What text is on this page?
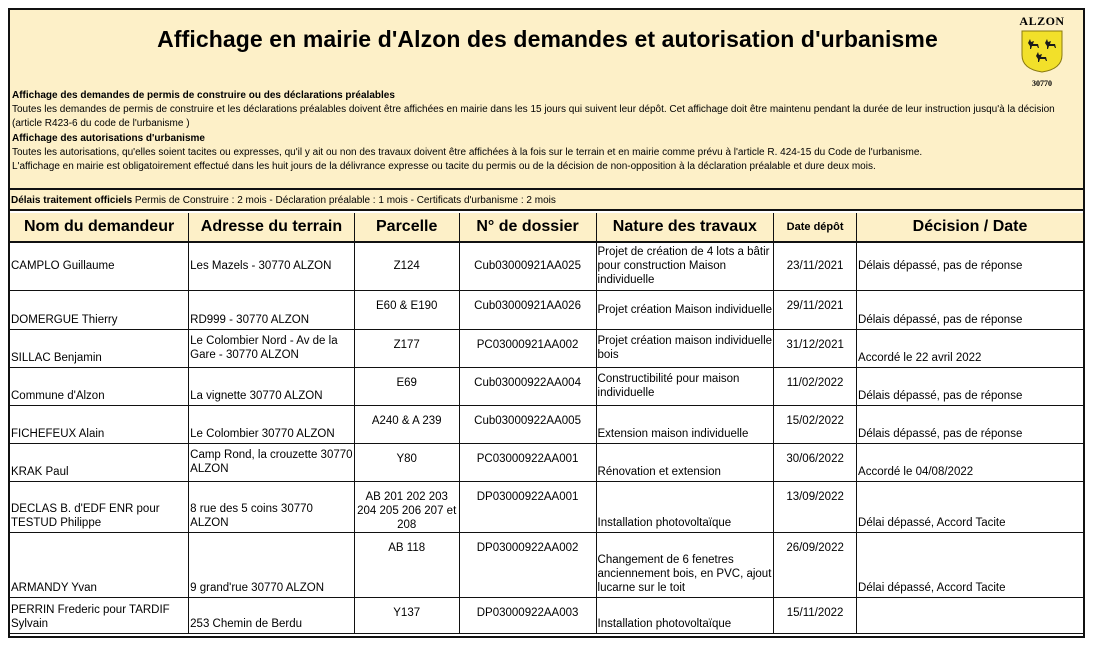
Affichage en mairie d'Alzon des demandes et autorisation d'urbanisme
ALZON
30770
Affichage des demandes de permis de construire ou des déclarations préalables
Toutes les demandes de permis de construire et les déclarations préalables doivent être affichées en mairie dans les 15 jours qui suivent leur dépôt. Cet affichage doit être maintenu pendant la durée de leur instruction jusqu'à la décision (article R423-6 du code de l'urbanisme )
Affichage des autorisations d'urbanisme
Toutes les autorisations, qu'elles soient tacites ou expresses, qu'il y ait ou non des travaux doivent être affichées à la fois sur le terrain et en mairie comme prévu à l'article R. 424-15 du Code de l'urbanisme.
L'affichage en mairie est obligatoirement effectué dans les huit jours de la délivrance expresse ou tacite du permis ou de la décision de non-opposition à la déclaration préalable et dure deux mois.
Délais traitement officiels Permis de Construire : 2 mois - Déclaration préalable : 1 mois - Certificats d'urbanisme : 2 mois
Nom du demandeur	Adresse du terrain	Parcelle	N° de dossier	Nature des travaux	Date dépôt	Décision / Date
CAMPLO Guillaume	Les Mazels - 30770 ALZON	Z124	Cub03000921AA025	Projet de création de 4 lots a bâtir pour construction Maison individuelle	23/11/2021	Délais dépassé, pas de réponse
DOMERGUE Thierry	RD999 - 30770 ALZON	E60 & E190	Cub03000921AA026	Projet création Maison individuelle	29/11/2021	Délais dépassé, pas de réponse
SILLAC Benjamin	Le Colombier Nord - Av de la Gare - 30770 ALZON	Z177	PC03000921AA002	Projet création maison individuelle bois	31/12/2021	Accordé le 22 avril 2022
Commune d'Alzon	La vignette 30770 ALZON	E69	Cub03000922AA004	Constructibilité pour maison individuelle	11/02/2022	Délais dépassé, pas de réponse
FICHEFEUX Alain	Le Colombier 30770 ALZON	A240 & A 239	Cub03000922AA005	Extension maison individuelle	15/02/2022	Délais dépassé, pas de réponse
KRAK Paul	Camp Rond, la crouzette 30770 ALZON	Y80	PC03000922AA001	Rénovation et extension	30/06/2022	Accordé le 04/08/2022
DECLAS B. d'EDF ENR pour TESTUD Philippe	8 rue des 5 coins 30770 ALZON	AB 201 202 203 204 205 206 207 et 208	DP03000922AA001	Installation photovoltaïque	13/09/2022	Délai dépassé, Accord Tacite
ARMANDY Yvan	9 grand'rue 30770 ALZON	AB 118	DP03000922AA002	Changement de 6 fenetres anciennement bois, en PVC, ajout lucarne sur le toit	26/09/2022	Délai dépassé, Accord Tacite
PERRIN Frederic pour TARDIF Sylvain	253 Chemin de Berdu	Y137	DP03000922AA003	Installation photovoltaïque	15/11/2022	
